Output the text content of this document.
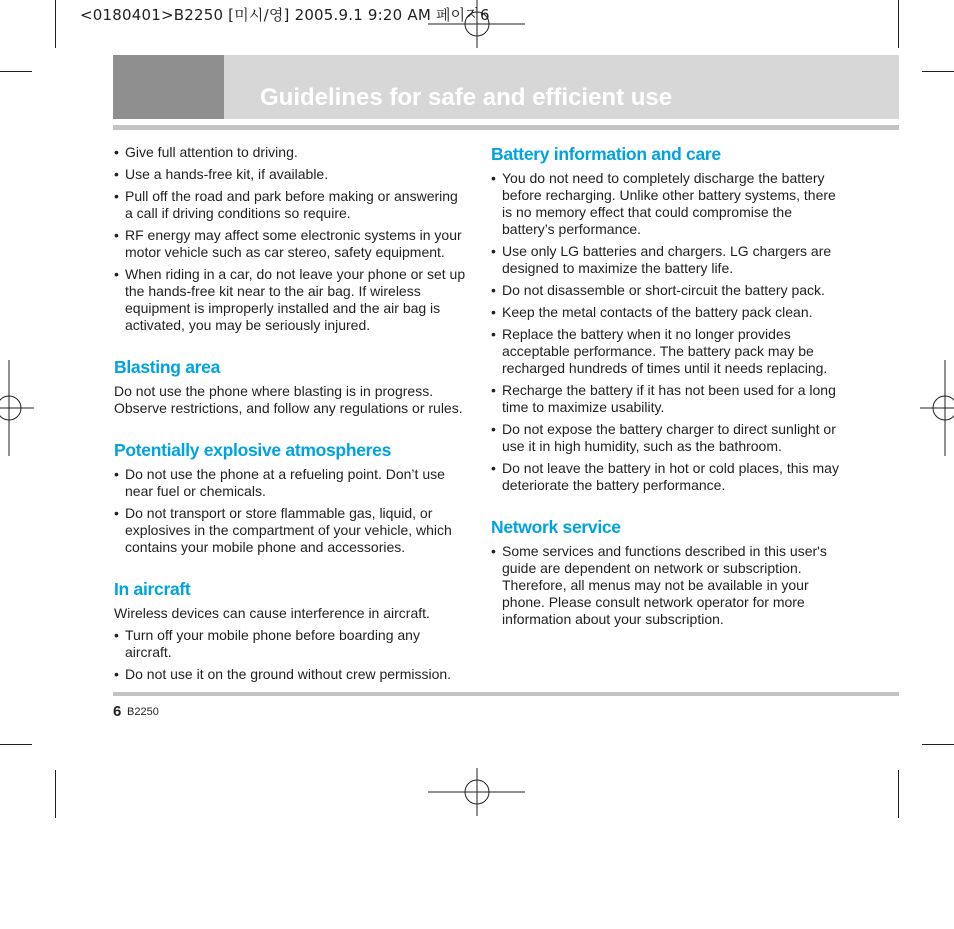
<0180401>B2250 [미시/영] 2005.9.1 9:20 AM 페이지6
Guidelines for safe and efficient use
• Give full attention to driving.
• Use a hands-free kit, if available.
• Pull off the road and park before making or answering a call if driving conditions so require.
• RF energy may affect some electronic systems in your motor vehicle such as car stereo, safety equipment.
• When riding in a car, do not leave your phone or set up the hands-free kit near to the air bag. If wireless equipment is improperly installed and the air bag is activated, you may be seriously injured.
Blasting area

Do not use the phone where blasting is in progress. Observe restrictions, and follow any regulations or rules.

Potentially explosive atmospheres
• Do not use the phone at a refueling point. Don’t use near fuel or chemicals.
• Do not transport or store flammable gas, liquid, or explosives in the compartment of your vehicle, which contains your mobile phone and accessories.
In aircraft

Wireless devices can cause interference in aircraft.

• Turn off your mobile phone before boarding any aircraft.
• Do not use it on the ground without crew permission.
Battery information and care
• You do not need to completely discharge the battery before recharging. Unlike other battery systems, there is no memory effect that could compromise the battery’s performance.
• Use only LG batteries and chargers. LG chargers are designed to maximize the battery life.
• Do not disassemble or short-circuit the battery pack.
• Keep the metal contacts of the battery pack clean.
• Replace the battery when it no longer provides acceptable performance. The battery pack may be recharged hundreds of times until it needs replacing.
• Recharge the battery if it has not been used for a long time to maximize usability.
• Do not expose the battery charger to direct sunlight or use it in high humidity, such as the bathroom.
• Do not leave the battery in hot or cold places, this may deteriorate the battery performance.
Network service
• Some services and functions described in this user's guide are dependent on network or subscription. Therefore, all menus may not be available in your phone. Please consult network operator for more information about your subscription.
6 B2250
